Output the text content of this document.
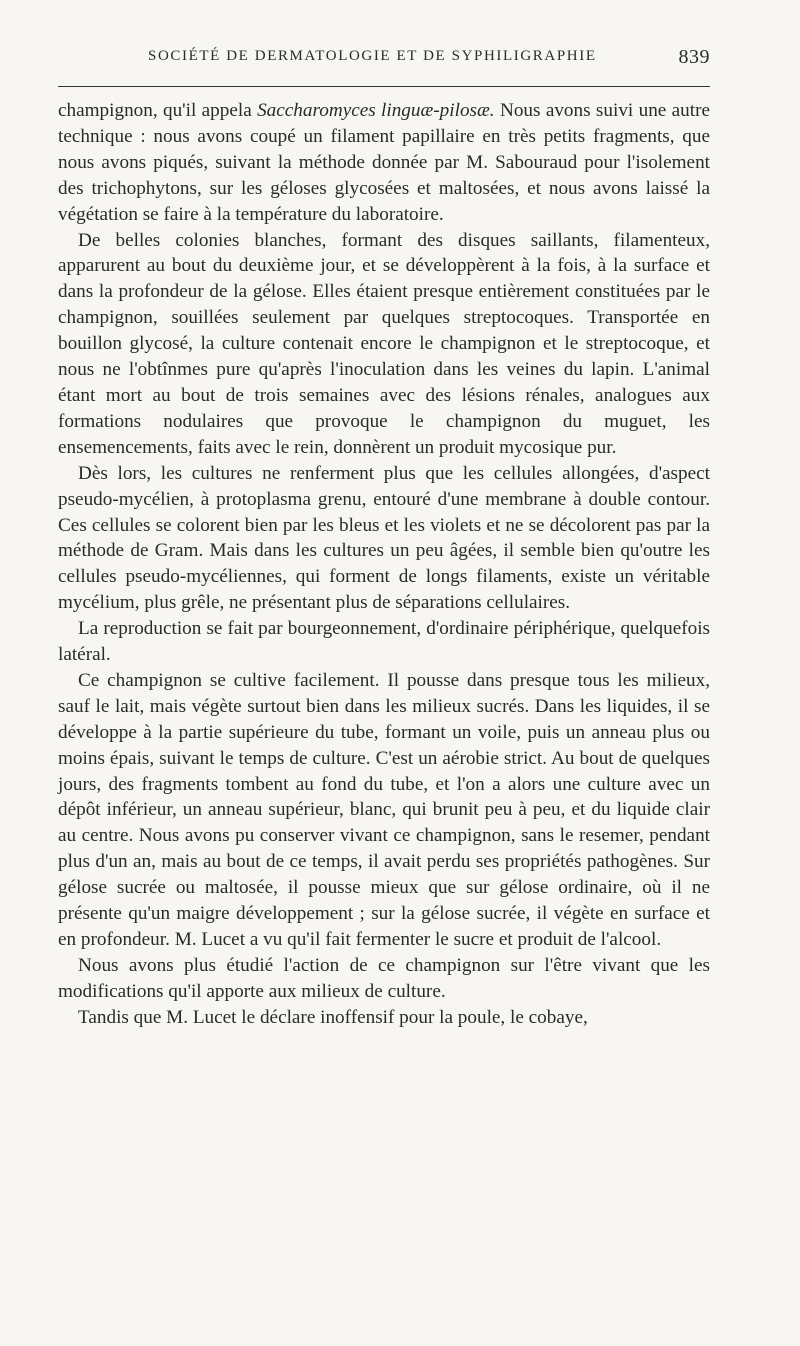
SOCIÉTÉ DE DERMATOLOGIE ET DE SYPHILIGRAPHIE	839

champignon, qu'il appela Saccharomyces linguæ-pilosæ. Nous avons suivi une autre technique : nous avons coupé un filament papillaire en très petits fragments, que nous avons piqués, suivant la méthode donnée par M. Sabouraud pour l'isolement des trichophytons, sur les géloses glycosées et maltosées, et nous avons laissé la végétation se faire à la température du laboratoire.

De belles colonies blanches, formant des disques saillants, filamenteux, apparurent au bout du deuxième jour, et se développèrent à la fois, à la surface et dans la profondeur de la gélose. Elles étaient presque entièrement constituées par le champignon, souillées seulement par quelques streptocoques. Transportée en bouillon glycosé, la culture contenait encore le champignon et le streptocoque, et nous ne l'obtînmes pure qu'après l'inoculation dans les veines du lapin. L'animal étant mort au bout de trois semaines avec des lésions rénales, analogues aux formations nodulaires que provoque le champignon du muguet, les ensemencements, faits avec le rein, donnèrent un produit mycosique pur.

Dès lors, les cultures ne renferment plus que les cellules allongées, d'aspect pseudo-mycélien, à protoplasma grenu, entouré d'une membrane à double contour. Ces cellules se colorent bien par les bleus et les violets et ne se décolorent pas par la méthode de Gram. Mais dans les cultures un peu âgées, il semble bien qu'outre les cellules pseudo-mycéliennes, qui forment de longs filaments, existe un véritable mycélium, plus grêle, ne présentant plus de séparations cellulaires.

La reproduction se fait par bourgeonnement, d'ordinaire périphérique, quelquefois latéral.

Ce champignon se cultive facilement. Il pousse dans presque tous les milieux, sauf le lait, mais végète surtout bien dans les milieux sucrés. Dans les liquides, il se développe à la partie supérieure du tube, formant un voile, puis un anneau plus ou moins épais, suivant le temps de culture. C'est un aérobie strict. Au bout de quelques jours, des fragments tombent au fond du tube, et l'on a alors une culture avec un dépôt inférieur, un anneau supérieur, blanc, qui brunit peu à peu, et du liquide clair au centre. Nous avons pu conserver vivant ce champignon, sans le resemer, pendant plus d'un an, mais au bout de ce temps, il avait perdu ses propriétés pathogènes. Sur gélose sucrée ou maltosée, il pousse mieux que sur gélose ordinaire, où il ne présente qu'un maigre développement ; sur la gélose sucrée, il végète en surface et en profondeur. M. Lucet a vu qu'il fait fermenter le sucre et produit de l'alcool.

Nous avons plus étudié l'action de ce champignon sur l'être vivant que les modifications qu'il apporte aux milieux de culture.

Tandis que M. Lucet le déclare inoffensif pour la poule, le cobaye,
